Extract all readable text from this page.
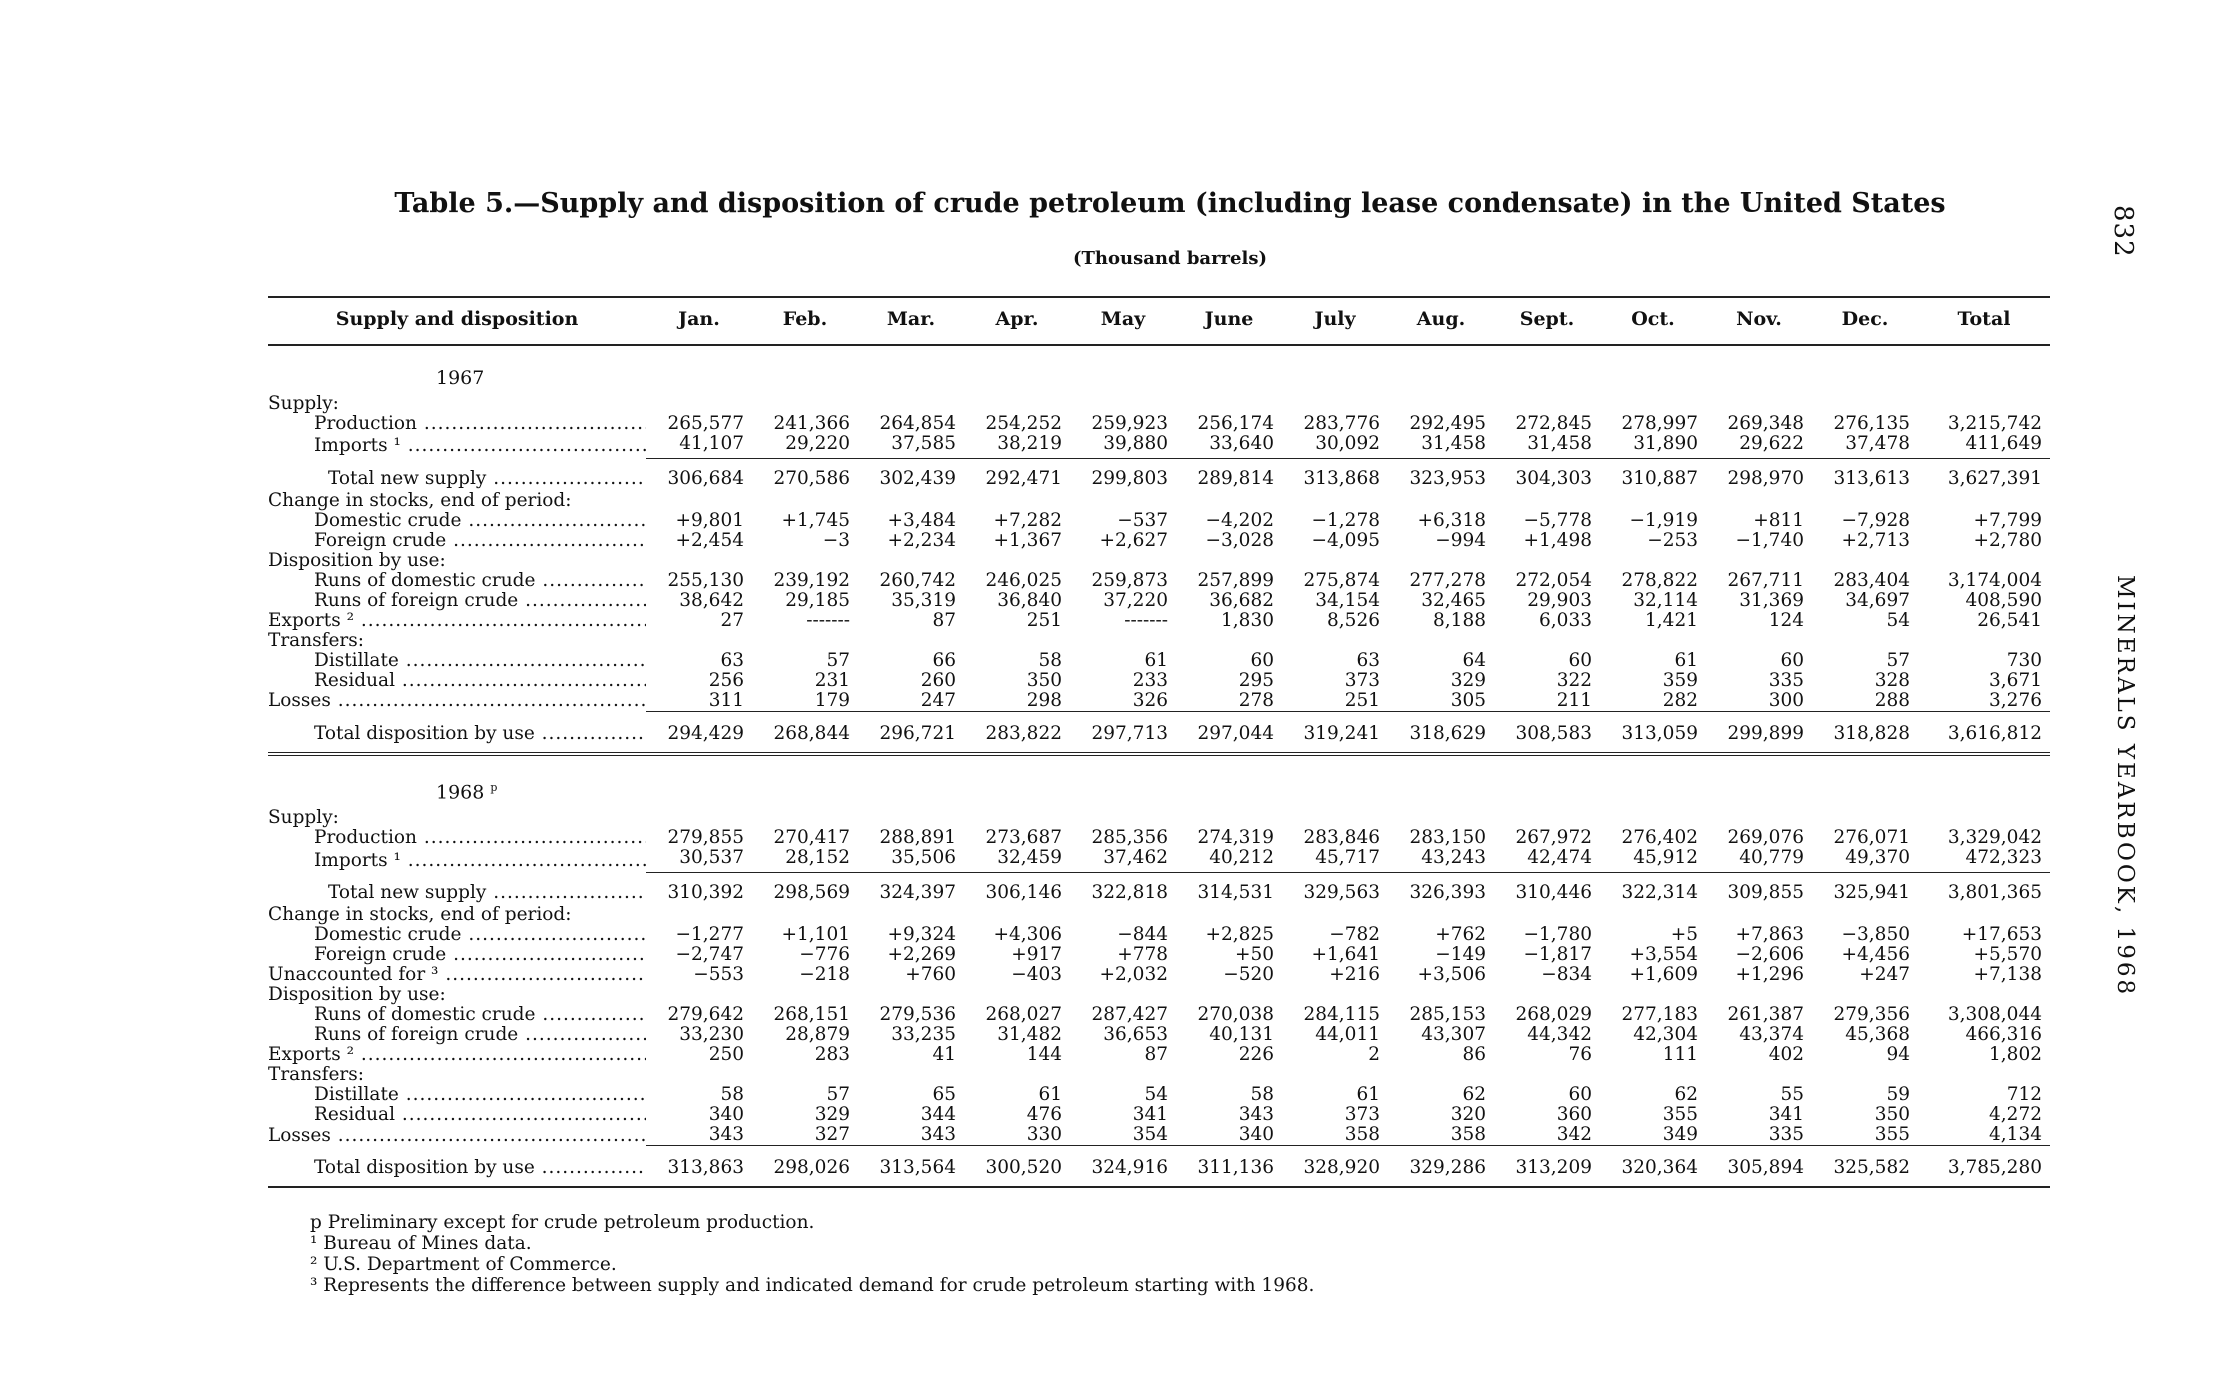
832
MINERALS YEARBOOK, 1968
Table 5.—Supply and disposition of crude petroleum (including lease condensate) in the United States
(Thousand barrels)
Supply and disposition	Jan.	Feb.	Mar.	Apr.	May	June	July	Aug.	Sept.	Oct.	Nov.	Dec.	Total
1967													
Supply:													
Production .....	265,577	241,366	264,854	254,252	259,923	256,174	283,776	292,495	272,845	278,997	269,348	276,135	3,215,742
Imports ¹ .....	41,107	29,220	37,585	38,219	39,880	33,640	30,092	31,458	31,458	31,890	29,622	37,478	411,649
Total new supply .....	306,684	270,586	302,439	292,471	299,803	289,814	313,868	323,953	304,303	310,887	298,970	313,613	3,627,391
Change in stocks, end of period:													
Domestic crude .....	+9,801	+1,745	+3,484	+7,282	−537	−4,202	−1,278	+6,318	−5,778	−1,919	+811	−7,928	+7,799
Foreign crude .....	+2,454	−3	+2,234	+1,367	+2,627	−3,028	−4,095	−994	+1,498	−253	−1,740	+2,713	+2,780
Disposition by use:													
Runs of domestic crude .....	255,130	239,192	260,742	246,025	259,873	257,899	275,874	277,278	272,054	278,822	267,711	283,404	3,174,004
Runs of foreign crude .....	38,642	29,185	35,319	36,840	37,220	36,682	34,154	32,465	29,903	32,114	31,369	34,697	408,590
Exports ² .....	27	-------	87	251	-------	1,830	8,526	8,188	6,033	1,421	124	54	26,541
Transfers:													
Distillate .....	63	57	66	58	61	60	63	64	60	61	60	57	730
Residual .....	256	231	260	350	233	295	373	329	322	359	335	328	3,671
Losses .....	311	179	247	298	326	278	251	305	211	282	300	288	3,276
Total disposition by use .....	294,429	268,844	296,721	283,822	297,713	297,044	319,241	318,629	308,583	313,059	299,899	318,828	3,616,812
1968 $^p$
Supply:													
Production .....	279,855	270,417	288,891	273,687	285,356	274,319	283,846	283,150	267,972	276,402	269,076	276,071	3,329,042
Imports ¹ .....	30,537	28,152	35,506	32,459	37,462	40,212	45,717	43,243	42,474	45,912	40,779	49,370	472,323
Total new supply .....	310,392	298,569	324,397	306,146	322,818	314,531	329,563	326,393	310,446	322,314	309,855	325,941	3,801,365
Change in stocks, end of period:													
Domestic crude .....	−1,277	+1,101	+9,324	+4,306	−844	+2,825	−782	+762	−1,780	+5	+7,863	−3,850	+17,653
Foreign crude .....	−2,747	−776	+2,269	+917	+778	+50	+1,641	−149	−1,817	+3,554	−2,606	+4,456	+5,570
Unaccounted for ³ .....	−553	−218	+760	−403	+2,032	−520	+216	+3,506	−834	+1,609	+1,296	+247	+7,138
Disposition by use:													
Runs of domestic crude .....	279,642	268,151	279,536	268,027	287,427	270,038	284,115	285,153	268,029	277,183	261,387	279,356	3,308,044
Runs of foreign crude .....	33,230	28,879	33,235	31,482	36,653	40,131	44,011	43,307	44,342	42,304	43,374	45,368	466,316
Exports ² .....	250	283	41	144	87	226	2	86	76	111	402	94	1,802
Transfers:													
Distillate .....	58	57	65	61	54	58	61	62	60	62	55	59	712
Residual .....	340	329	344	476	341	343	373	320	360	355	341	350	4,272
Losses .....	343	327	343	330	354	340	358	358	342	349	335	355	4,134
Total disposition by use .....	313,863	298,026	313,564	300,520	324,916	311,136	328,920	329,286	313,209	320,364	305,894	325,582	3,785,280
p Preliminary except for crude petroleum production.
¹ Bureau of Mines data.
² U.S. Department of Commerce.
³ Represents the difference between supply and indicated demand for crude petroleum starting with 1968.
